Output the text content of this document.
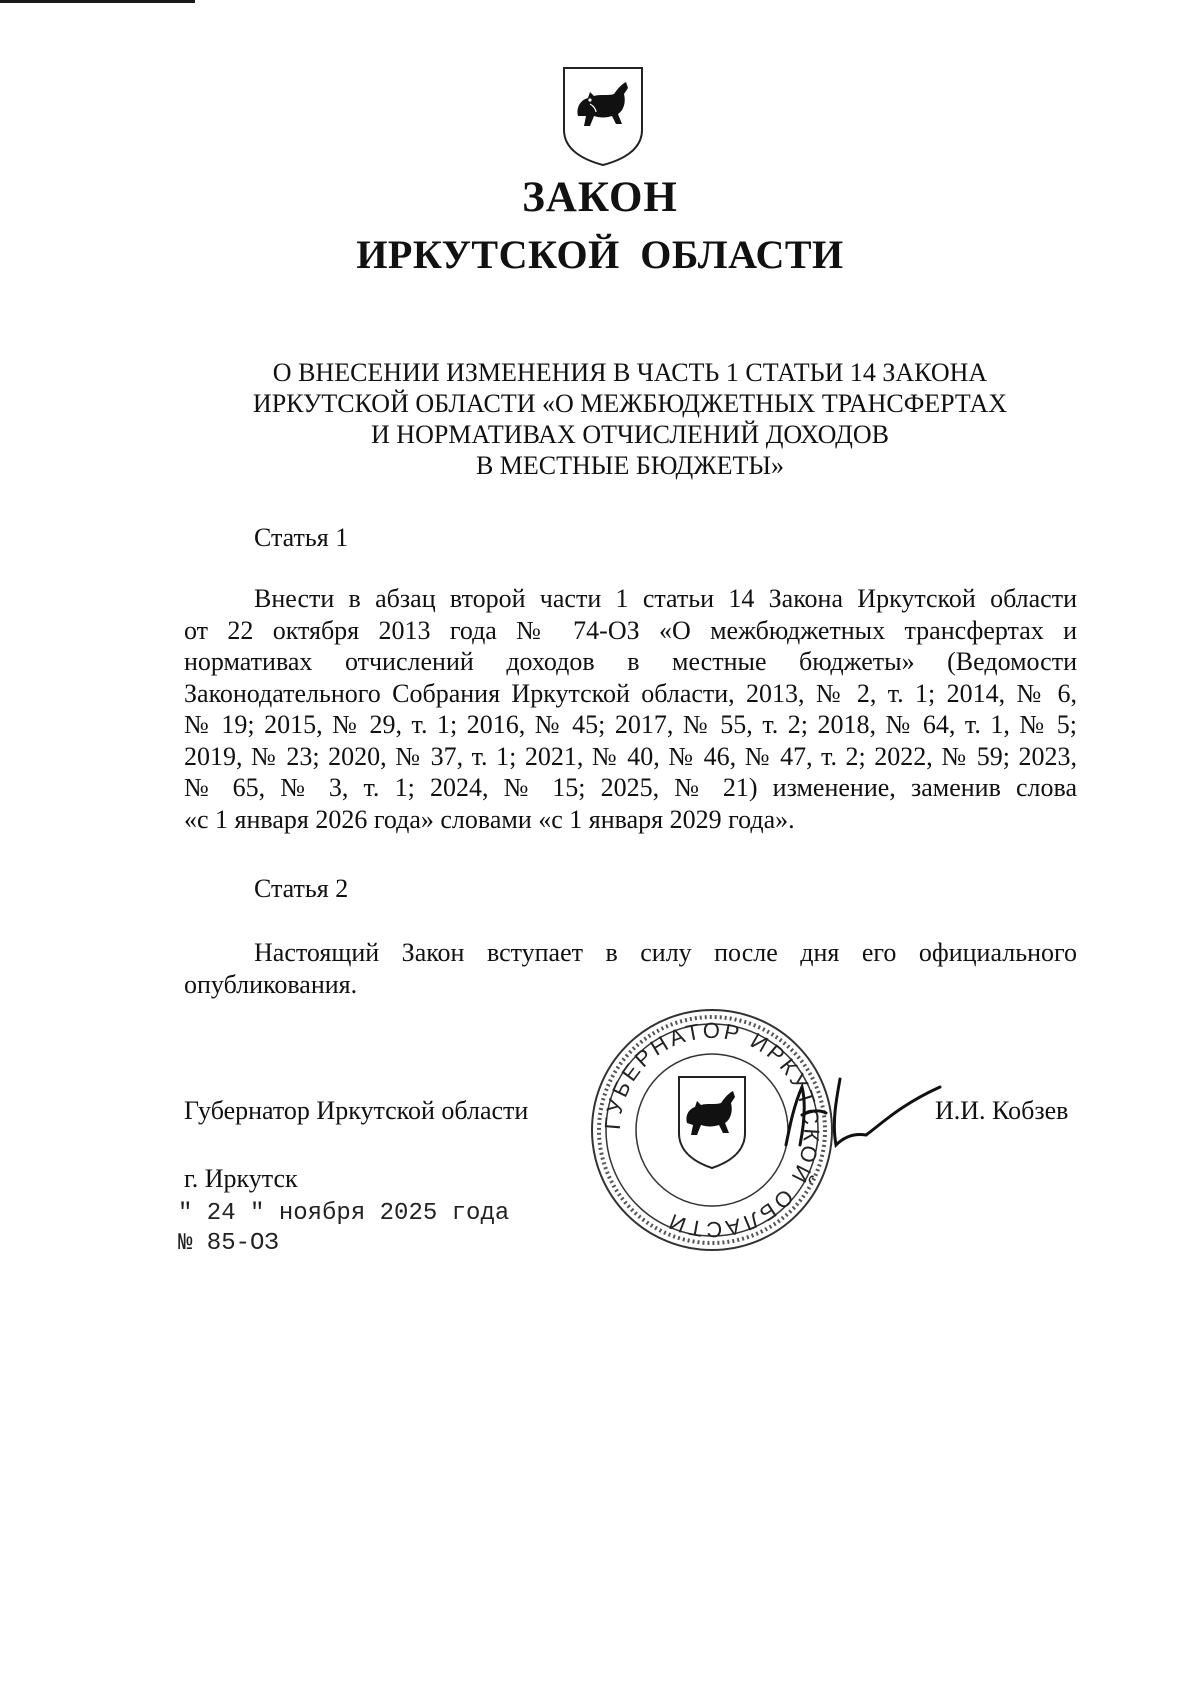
ЗАКОН
ИРКУТСКОЙ ОБЛАСТИ
О ВНЕСЕНИИ ИЗМЕНЕНИЯ В ЧАСТЬ 1 СТАТЬИ 14 ЗАКОНА
ИРКУТСКОЙ ОБЛАСТИ «О МЕЖБЮДЖЕТНЫХ ТРАНСФЕРТАХ
И НОРМАТИВАХ ОТЧИСЛЕНИЙ ДОХОДОВ
В МЕСТНЫЕ БЮДЖЕТЫ»
Статья 1
Внести в абзац второй части 1 статьи 14 Закона Иркутской области
от 22 октября 2013 года № 74-ОЗ «О межбюджетных трансфертах и
нормативах отчислений доходов в местные бюджеты» (Ведомости
Законодательного Собрания Иркутской области, 2013, № 2, т. 1; 2014, № 6,
№ 19; 2015, № 29, т. 1; 2016, № 45; 2017, № 55, т. 2; 2018, № 64, т. 1, № 5;
2019, № 23; 2020, № 37, т. 1; 2021, № 40, № 46, № 47, т. 2; 2022, № 59; 2023,
№ 65, № 3, т. 1; 2024, № 15; 2025, № 21) изменение, заменив слова
«с 1 января 2026 года» словами «с 1 января 2029 года».
Статья 2
Настоящий Закон вступает в силу после дня его официального
опубликования.
ГУБЕРНАТОР ИРКУТСКОЙ ОБЛАСТИ
Губернатор Иркутской области	И.И. Кобзев
г. Иркутск
" 24 " ноября 2025 года
№ 85-ОЗ
